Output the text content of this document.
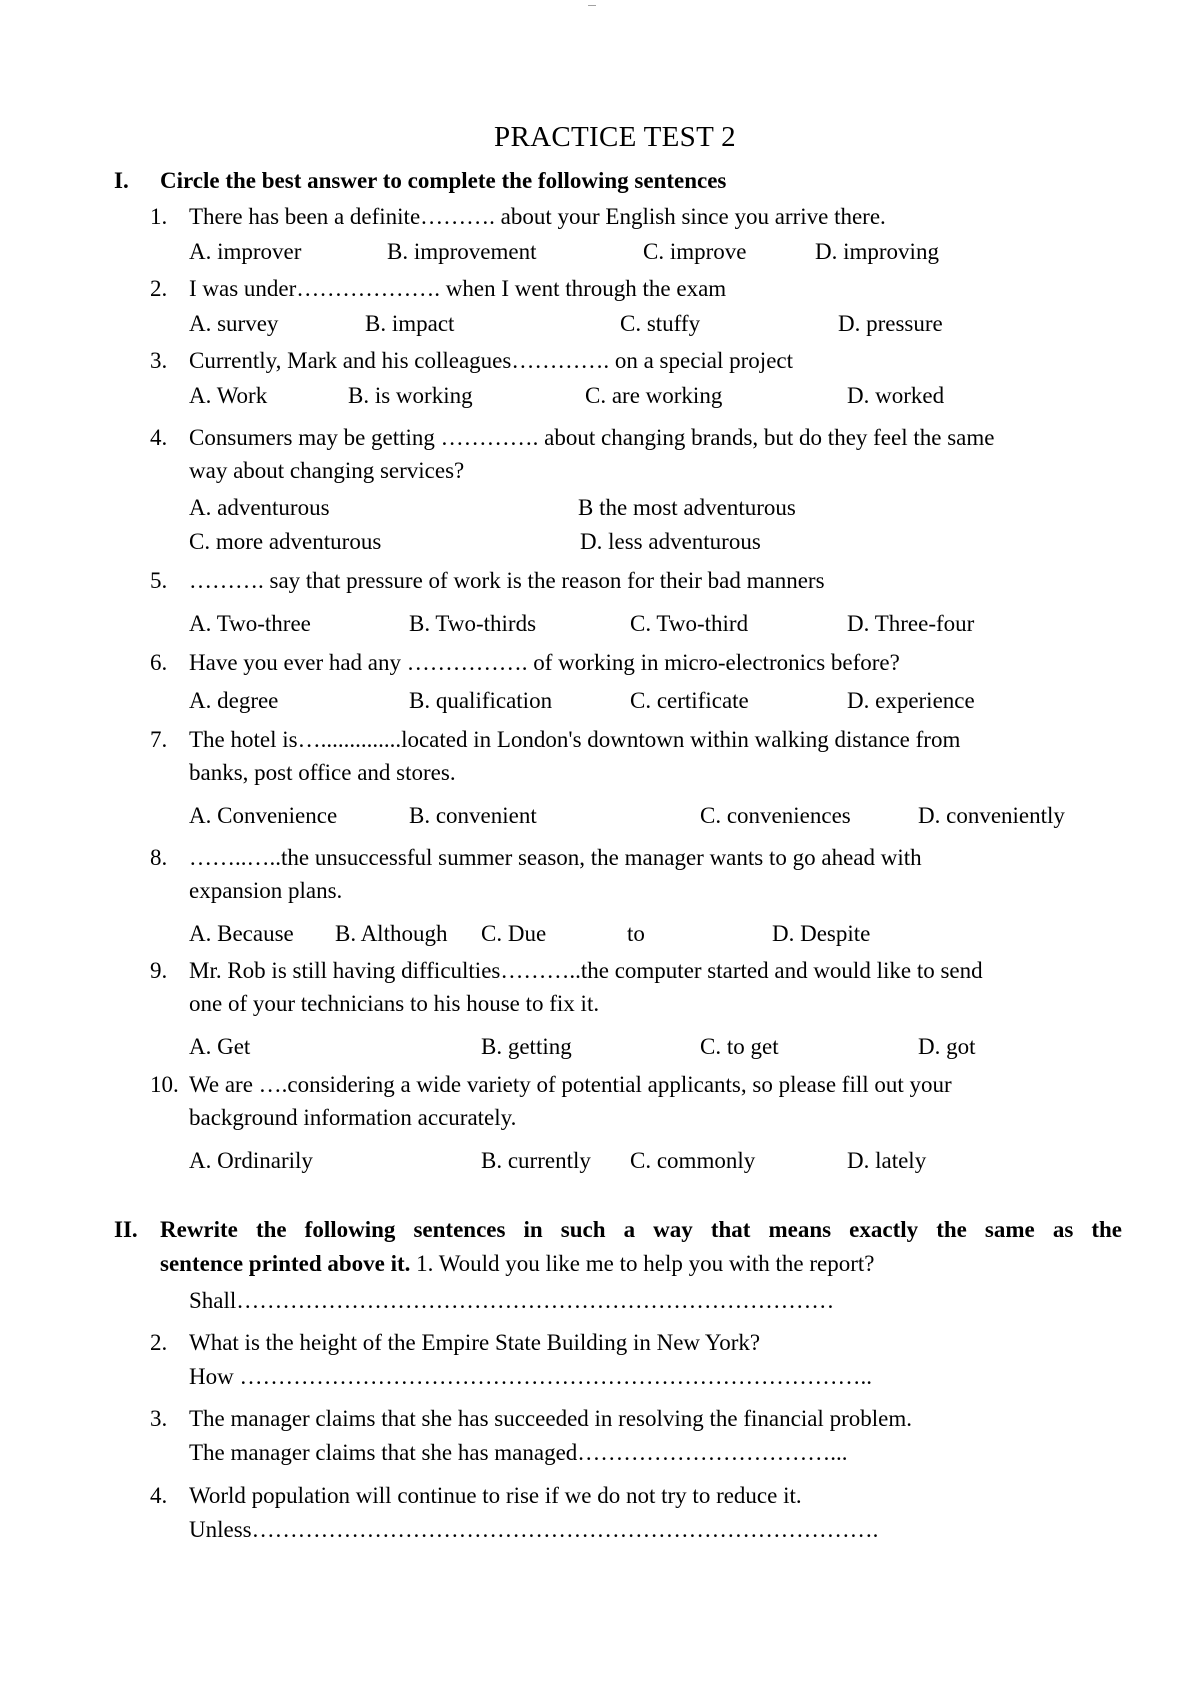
....
PRACTICE TEST 2
I. Circle the best answer to complete the following sentences
1. There has been a definite………. about your English since you arrive there.
A. improver	B. improvement	C. improve	D. improving
2. I was under………………. when I went through the exam
A. survey	B. impact	C. stuffy	D. pressure
3. Currently, Mark and his colleagues…………. on a special project
A. Work	B. is working	C. are working	D. worked
4. Consumers may be getting …………. about changing brands, but do they feel the same
way about changing services?
A. adventurous	B the most adventurous
C. more adventurous	D. less adventurous
5. ………. say that pressure of work is the reason for their bad manners
A. Two-three	B. Two-thirds	C. Two-third	D. Three-four
6. Have you ever had any ……………. of working in micro-electronics before?
A. degree	B. qualification	C. certificate	D. experience
7. The hotel is…..............located in London's downtown within walking distance from
banks, post office and stores.
A. Convenience	B. convenient	C. conveniences	D. conveniently
8. ……..…..the unsuccessful summer season, the manager wants to go ahead with
expansion plans.
A. Because B. Although C. Due	to	D. Despite
9. Mr. Rob is still having difficulties………..the computer started and would like to send
one of your technicians to his house to fix it.
A. Get	B. getting	C. to get	D. got
10. We are ….considering a wide variety of potential applicants, so please fill out your
background information accurately.
A. Ordinarily	B. currently C. commonly	D. lately
II. Rewrite the following sentences in such a way that means exactly the same as the
sentence printed above it. 1. Would you like me to help you with the report?
Shall……………………………………………………………………
2. What is the height of the Empire State Building in New York?
How ………………………………………………………………………..
3. The manager claims that she has succeeded in resolving the financial problem.
The manager claims that she has managed……………………………...
4. World population will continue to rise if we do not try to reduce it.
Unless……………………………………………………………………….
